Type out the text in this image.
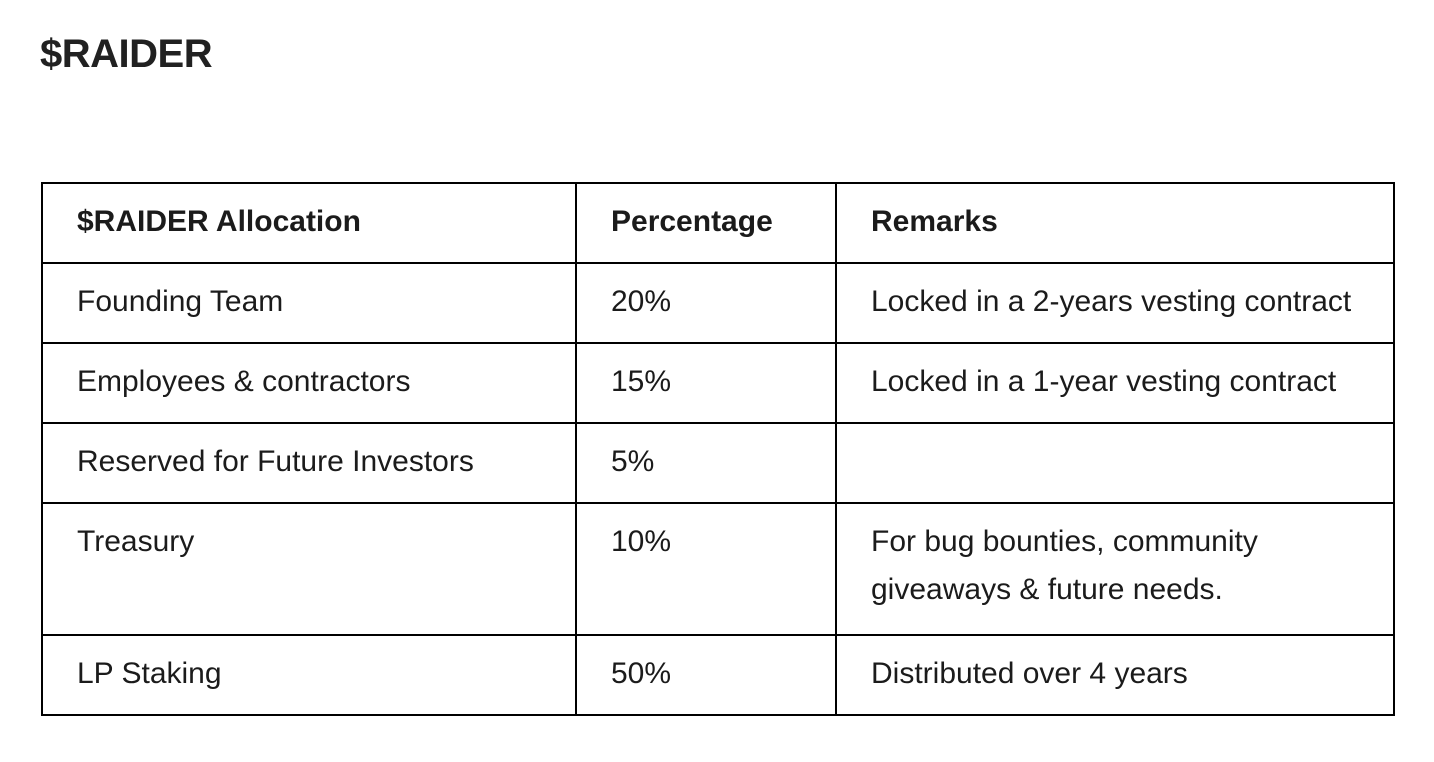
$RAIDER
$RAIDER Allocation	Percentage	Remarks
Founding Team	20%	Locked in a 2-years vesting contract
Employees & contractors	15%	Locked in a 1-year vesting contract
Reserved for Future Investors	5%	
Treasury	10%	For bug bounties, community giveaways & future needs.
LP Staking	50%	Distributed over 4 years
